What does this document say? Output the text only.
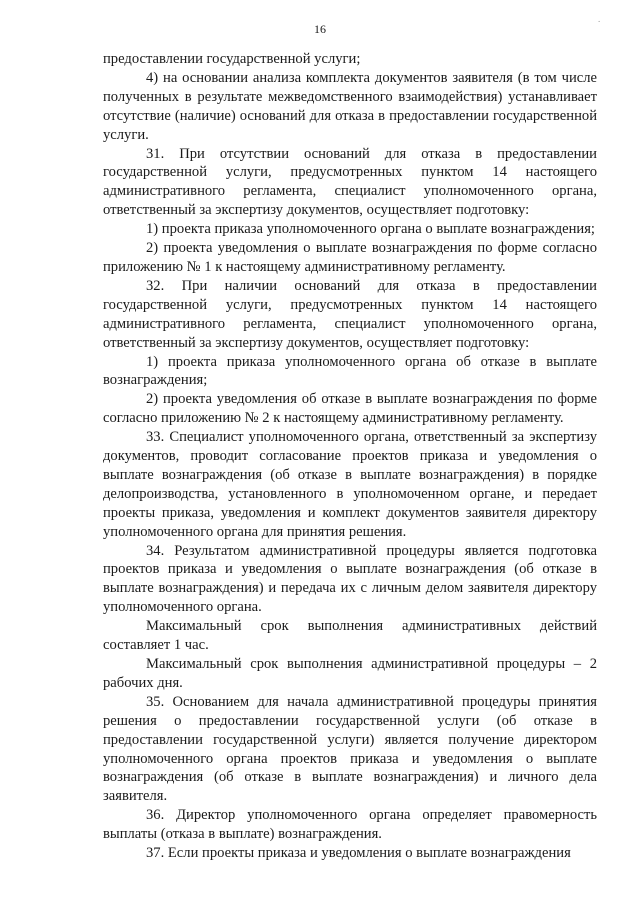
16
.

предоставлении государственной услуги;

4) на основании анализа комплекта документов заявителя (в том числе полученных в результате межведомственного взаимодействия) устанавливает отсутствие (наличие) оснований для отказа в предоставлении государственной услуги.

31. При отсутствии оснований для отказа в предоставлении государственной услуги, предусмотренных пунктом 14 настоящего административного регламента, специалист уполномоченного органа, ответственный за экспертизу документов, осуществляет подготовку:

1) проекта приказа уполномоченного органа о выплате вознаграждения;

2) проекта уведомления о выплате вознаграждения по форме согласно приложению № 1 к настоящему административному регламенту.

32. При наличии оснований для отказа в предоставлении государственной услуги, предусмотренных пунктом 14 настоящего административного регламента, специалист уполномоченного органа, ответственный за экспертизу документов, осуществляет подготовку:

1) проекта приказа уполномоченного органа об отказе в выплате вознаграждения;

2) проекта уведомления об отказе в выплате вознаграждения по форме согласно приложению № 2 к настоящему административному регламенту.

33. Специалист уполномоченного органа, ответственный за экспертизу документов, проводит согласование проектов приказа и уведомления о выплате вознаграждения (об отказе в выплате вознаграждения) в порядке делопроизводства, установленного в уполномоченном органе, и передает проекты приказа, уведомления и комплект документов заявителя директору уполномоченного органа для принятия решения.

34. Результатом административной процедуры является подготовка проектов приказа и уведомления о выплате вознаграждения (об отказе в выплате вознаграждения) и передача их с личным делом заявителя директору уполномоченного органа.

Максимальный срок выполнения административных действий составляет 1 час.

Максимальный срок выполнения административной процедуры – 2 рабочих дня.

35. Основанием для начала административной процедуры принятия решения о предоставлении государственной услуги (об отказе в предоставлении государственной услуги) является получение директором уполномоченного органа проектов приказа и уведомления о выплате вознаграждения (об отказе в выплате вознаграждения) и личного дела заявителя.

36. Директор уполномоченного органа определяет правомерность выплаты (отказа в выплате) вознаграждения.

37. Если проекты приказа и уведомления о выплате вознаграждения
